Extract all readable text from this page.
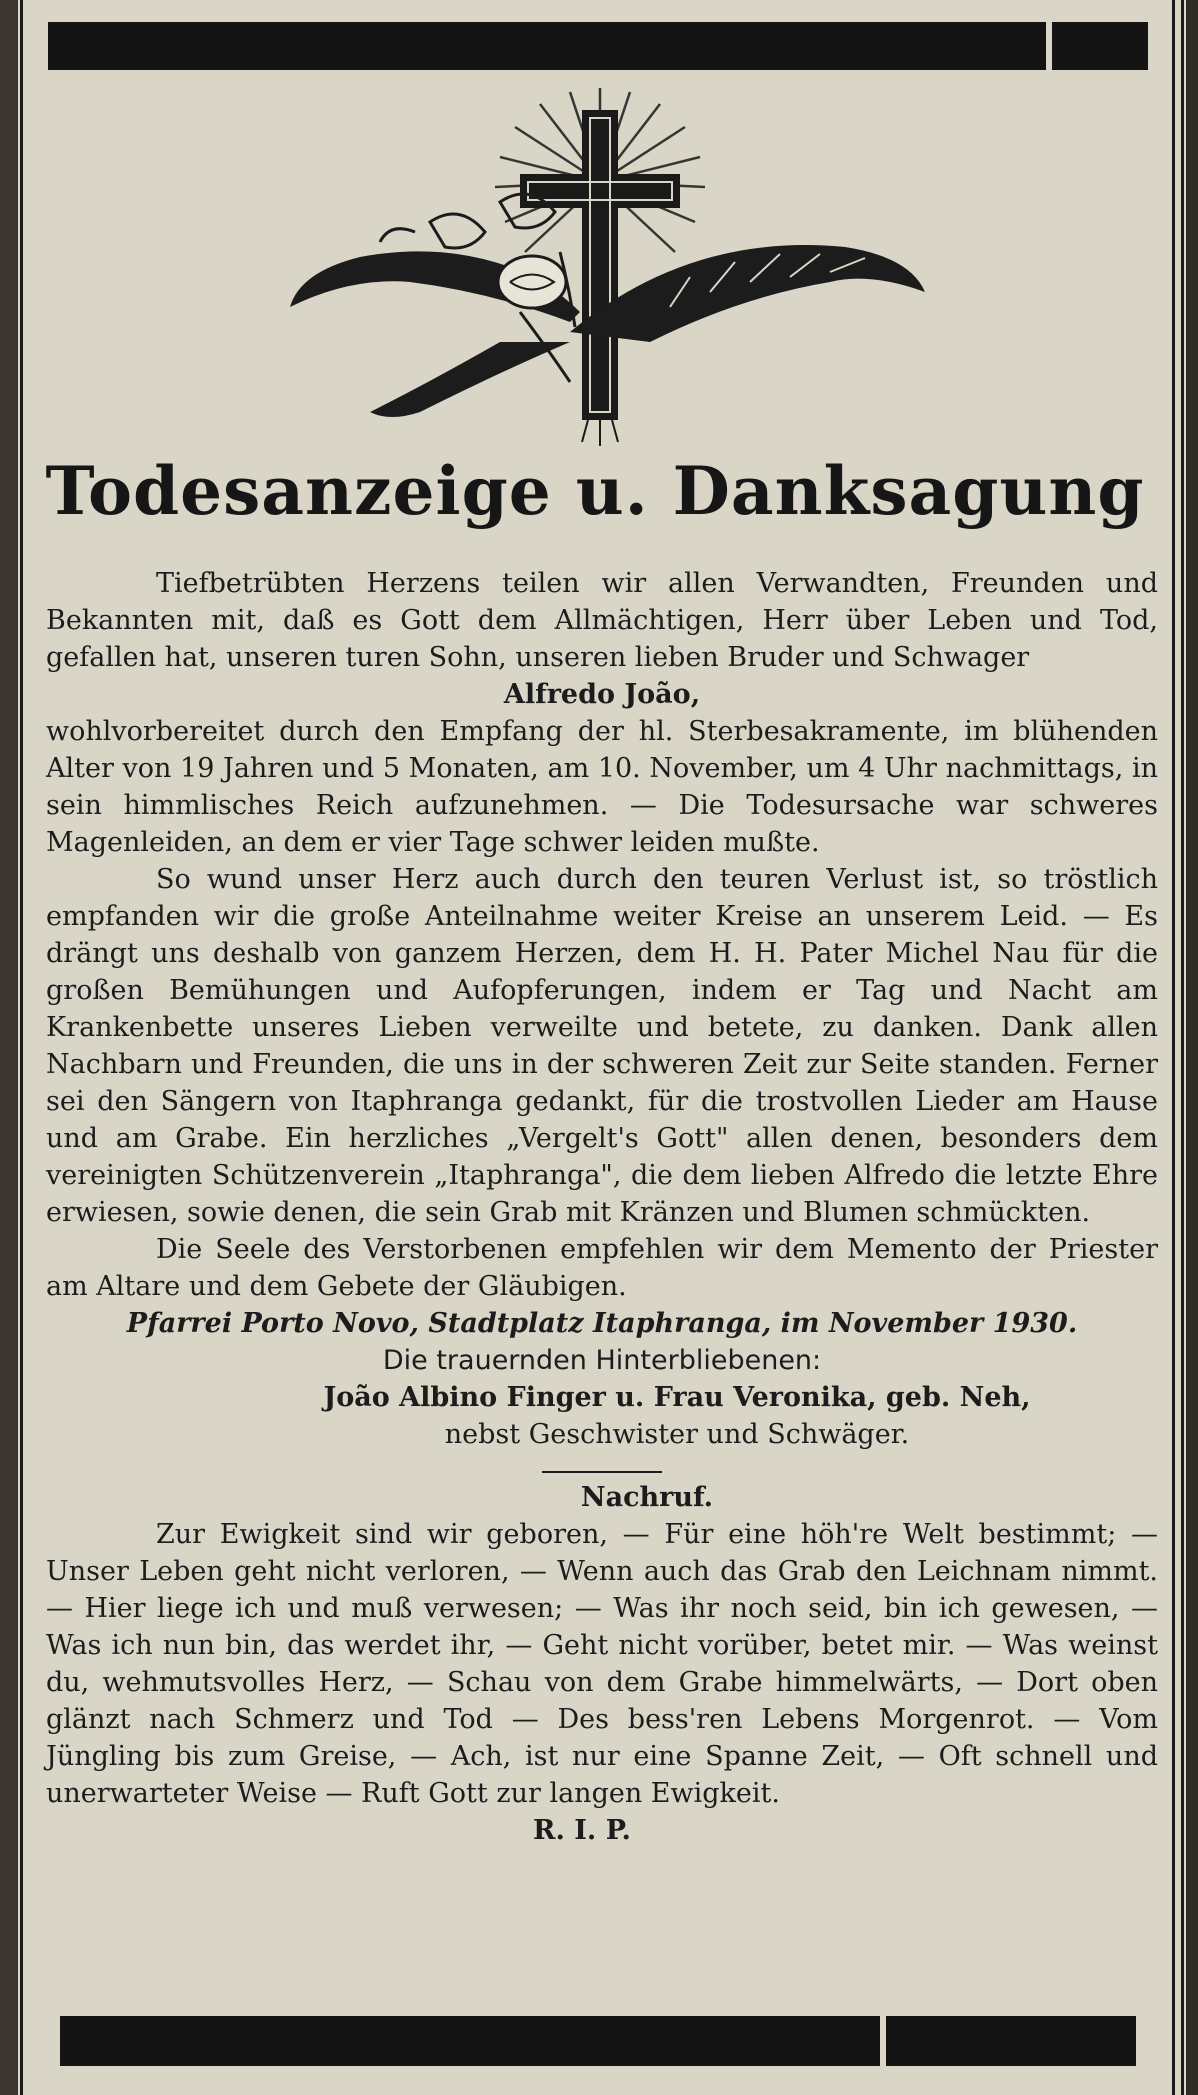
Todesanzeige u. Danksagung

Tiefbetrübten Herzens teilen wir allen Verwandten, Freunden und Bekannten mit, daß es Gott dem Allmächtigen, Herr über Leben und Tod, gefallen hat, unseren turen Sohn, unseren lieben Bruder und Schwager

Alfredo João,

wohlvorbereitet durch den Empfang der hl. Sterbesakramente, im blühenden Alter von 19 Jahren und 5 Monaten, am 10. November, um 4 Uhr nachmittags, in sein himmlisches Reich aufzunehmen. — Die Todesursache war schweres Magenleiden, an dem er vier Tage schwer leiden mußte.

So wund unser Herz auch durch den teuren Verlust ist, so tröstlich empfanden wir die große Anteilnahme weiter Kreise an unserem Leid. — Es drängt uns deshalb von ganzem Herzen, dem H. H. Pater Michel Nau für die großen Bemühungen und Aufopferungen, indem er Tag und Nacht am Krankenbette unseres Lieben verweilte und betete, zu danken. Dank allen Nachbarn und Freunden, die uns in der schweren Zeit zur Seite standen. Ferner sei den Sängern von Itaphranga gedankt, für die trostvollen Lieder am Hause und am Grabe. Ein herzliches „Vergelt's Gott" allen denen, besonders dem vereinigten Schützenverein „Itaphranga", die dem lieben Alfredo die letzte Ehre erwiesen, sowie denen, die sein Grab mit Kränzen und Blumen schmückten.

Die Seele des Verstorbenen empfehlen wir dem Memento der Priester am Altare und dem Gebete der Gläubigen.

Pfarrei Porto Novo, Stadtplatz Itaphranga, im November 1930.

Die trauernden Hinterbliebenen:

João Albino Finger u. Frau Veronika, geb. Neh,

nebst Geschwister und Schwäger.

Nachruf.

Zur Ewigkeit sind wir geboren, — Für eine höh're Welt bestimmt; — Unser Leben geht nicht verloren, — Wenn auch das Grab den Leichnam nimmt. — Hier liege ich und muß verwesen; — Was ihr noch seid, bin ich gewesen, — Was ich nun bin, das werdet ihr, — Geht nicht vorüber, betet mir. — Was weinst du, wehmutsvolles Herz, — Schau von dem Grabe himmelwärts, — Dort oben glänzt nach Schmerz und Tod — Des bess'ren Lebens Morgenrot. — Vom Jüngling bis zum Greise, — Ach, ist nur eine Spanne Zeit, — Oft schnell und unerwarteter Weise — Ruft Gott zur langen Ewigkeit.

R. I. P.
